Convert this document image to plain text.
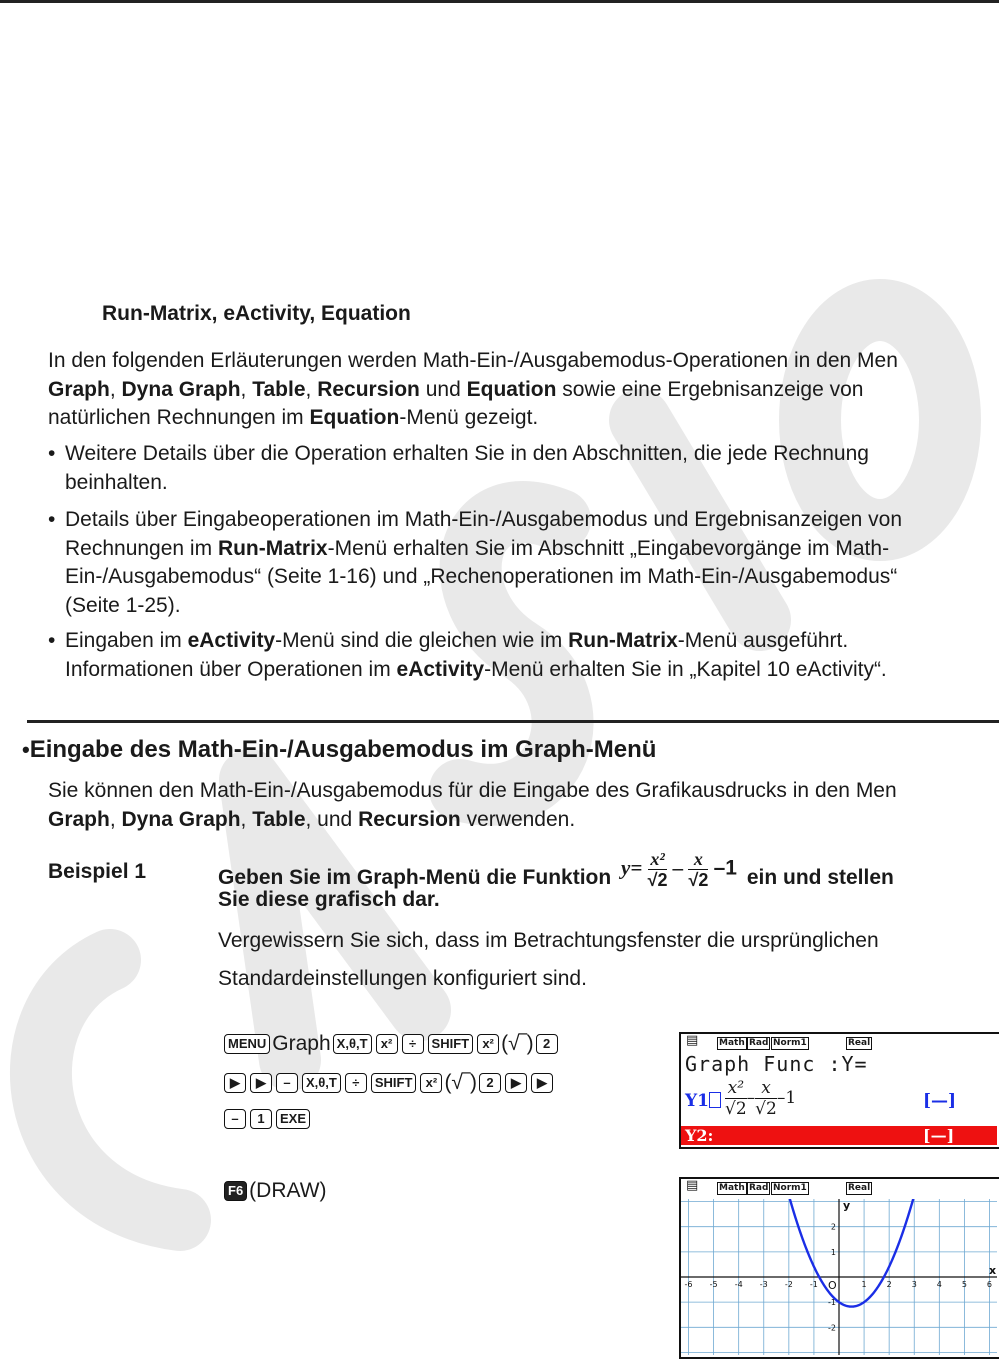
Run-Matrix, eActivity, Equation

In den folgenden Erläuterungen werden Math-Ein-/Ausgabemodus-Operationen in den Men
Graph, Dyna Graph, Table, Recursion und Equation sowie eine Ergebnisanzeige von
natürlichen Rechnungen im Equation-Menü gezeigt.

• Weitere Details über die Operation erhalten Sie in den Abschnitten, die jede Rechnung
beinhalten.

• Details über Eingabeoperationen im Math-Ein-/Ausgabemodus und Ergebnisanzeigen von
Rechnungen im Run-Matrix-Menü erhalten Sie im Abschnitt „Eingabevorgänge im Math-
Ein-/Ausgabemodus“ (Seite 1-16) und „Rechenoperationen im Math-Ein-/Ausgabemodus“
(Seite 1-25).

• Eingaben im eActivity-Menü sind die gleichen wie im Run-Matrix-Menü ausgeführt.
Informationen über Operationen im eActivity-Menü erhalten Sie in „Kapitel 10 eActivity“.

•Eingabe des Math-Ein-/Ausgabemodus im Graph-Menü

Sie können den Math-Ein-/Ausgabemodus für die Eingabe des Grafikausdrucks in den Men
Graph, Dyna Graph, Table, und Recursion verwenden.

Beispiel 1	Geben Sie im Graph-Menü die Funktion $y= \frac{\text{x²}}{√2} - \frac{x}{√2} -1$ ein und stellen
Sie diese grafisch dar.
Vergewissern Sie sich, dass im Betrachtungsfenster die ursprünglichen
Standardeinstellungen konfiguriert sind.
MENU Graph X,θ,T x² ÷ SHIFT x² (√‾) 2
▶ ▶ – X,θ,T ÷ SHIFT x² (√‾) 2 ▶ ▶
– 1 EXE
F6 (DRAW)
▤ Math Rad Norm1	Real
Graph Func :Y=
$Y1 \frac{\text{x²}}{√2} - \frac{x}{√2} -1$	[—]
Y2:	[—]
▤ Math Rad Norm1	Real
-6 -5 -4 -3 -2 -1	1 2 3 4 5 6
2
1
-1
-2
x
y
O
